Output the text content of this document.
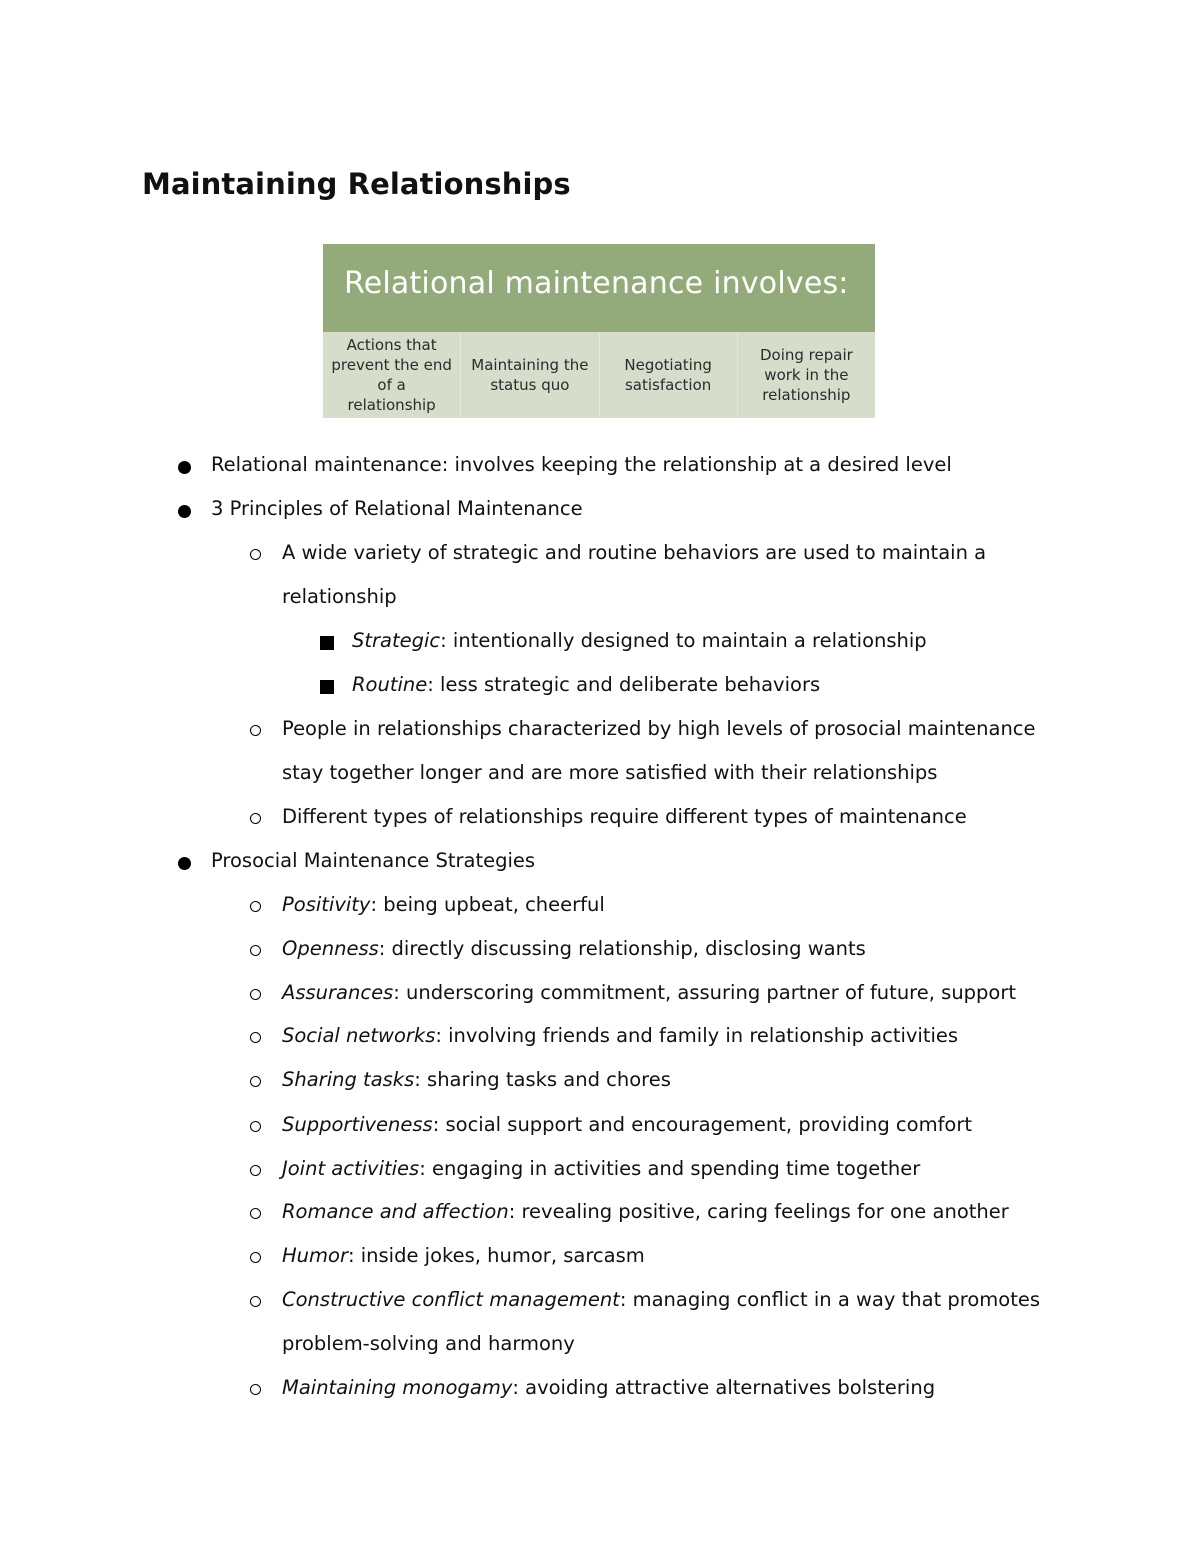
Maintaining Relationships
Relational maintenance involves:
Actions that prevent the end of a relationship
Maintaining the status quo
Negotiating satisfaction
Doing repair work in the relationship
Relational maintenance: involves keeping the relationship at a desired level
3 Principles of Relational Maintenance
A wide variety of strategic and routine behaviors are used to maintain a
relationship
Strategic: intentionally designed to maintain a relationship
Routine: less strategic and deliberate behaviors
People in relationships characterized by high levels of prosocial maintenance
stay together longer and are more satisfied with their relationships
Different types of relationships require different types of maintenance
Prosocial Maintenance Strategies
Positivity: being upbeat, cheerful
Openness: directly discussing relationship, disclosing wants
Assurances: underscoring commitment, assuring partner of future, support
Social networks: involving friends and family in relationship activities
Sharing tasks: sharing tasks and chores
Supportiveness: social support and encouragement, providing comfort
Joint activities: engaging in activities and spending time together
Romance and affection: revealing positive, caring feelings for one another
Humor: inside jokes, humor, sarcasm
Constructive conflict management: managing conflict in a way that promotes
problem-solving and harmony
Maintaining monogamy: avoiding attractive alternatives bolstering
